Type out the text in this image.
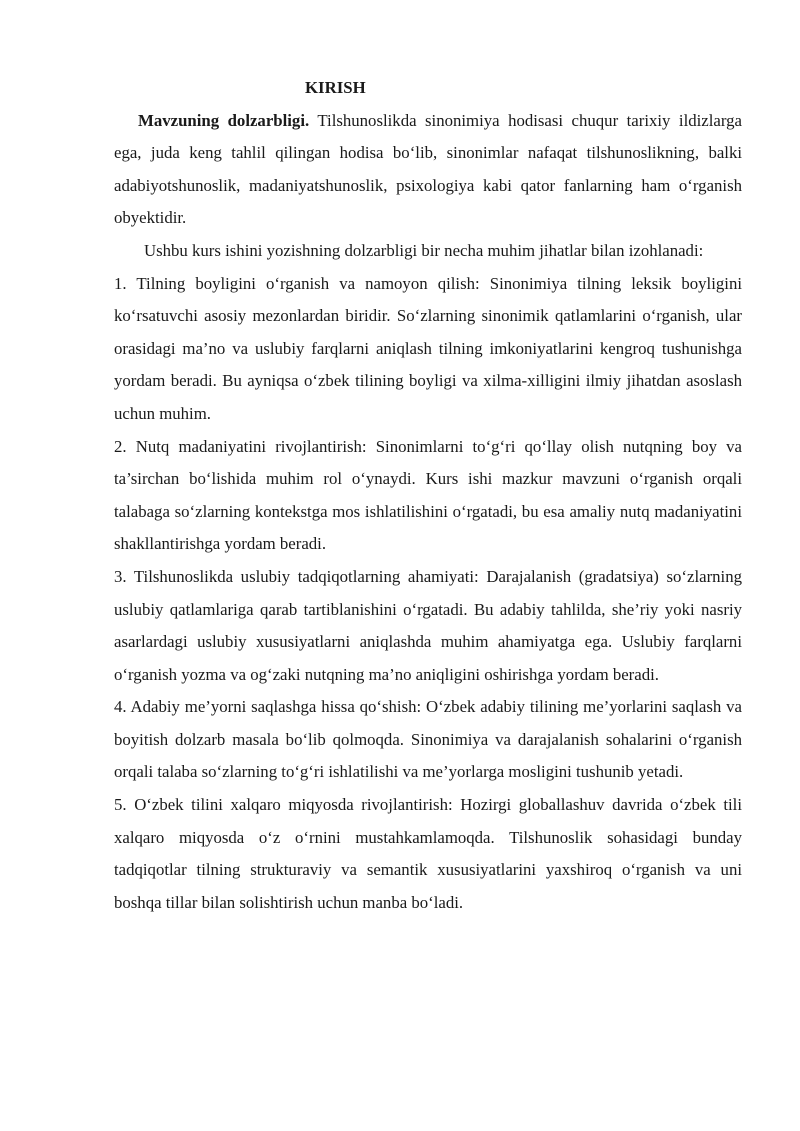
KIRISH

Mavzuning dolzarbligi. Tilshunoslikda sinonimiya hodisasi chuqur tarixiy ildizlarga ega, juda keng tahlil qilingan hodisa bo‘lib, sinonimlar nafaqat tilshunoslikning, balki adabiyotshunoslik, madaniyatshunoslik, psixologiya kabi qator fanlarning ham o‘rganish obyektidir.

Ushbu kurs ishini yozishning dolzarbligi bir necha muhim jihatlar bilan izohlanadi:

1. Tilning boyligini o‘rganish va namoyon qilish: Sinonimiya tilning leksik boyligini ko‘rsatuvchi asosiy mezonlardan biridir. So‘zlarning sinonimik qatlamlarini o‘rganish, ular orasidagi ma’no va uslubiy farqlarni aniqlash tilning imkoniyatlarini kengroq tushunishga yordam beradi. Bu ayniqsa o‘zbek tilining boyligi va xilma-xilligini ilmiy jihatdan asoslash uchun muhim.

2. Nutq madaniyatini rivojlantirish: Sinonimlarni to‘g‘ri qo‘llay olish nutqning boy va ta’sirchan bo‘lishida muhim rol o‘ynaydi. Kurs ishi mazkur mavzuni o‘rganish orqali talabaga so‘zlarning kontekstga mos ishlatilishini o‘rgatadi, bu esa amaliy nutq madaniyatini shakllantirishga yordam beradi.

3. Tilshunoslikda uslubiy tadqiqotlarning ahamiyati: Darajalanish (gradatsiya) so‘zlarning uslubiy qatlamlariga qarab tartiblanishini o‘rgatadi. Bu adabiy tahlilda, she’riy yoki nasriy asarlardagi uslubiy xususiyatlarni aniqlashda muhim ahamiyatga ega. Uslubiy farqlarni o‘rganish yozma va og‘zaki nutqning ma’no aniqligini oshirishga yordam beradi.

4. Adabiy me’yorni saqlashga hissa qo‘shish: O‘zbek adabiy tilining me’yorlarini saqlash va boyitish dolzarb masala bo‘lib qolmoqda. Sinonimiya va darajalanish sohalarini o‘rganish orqali talaba so‘zlarning to‘g‘ri ishlatilishi va me’yorlarga mosligini tushunib yetadi.

5. O‘zbek tilini xalqaro miqyosda rivojlantirish: Hozirgi globallashuv davrida o‘zbek tili xalqaro miqyosda o‘z o‘rnini mustahkamlamoqda. Tilshunoslik sohasidagi bunday tadqiqotlar tilning strukturaviy va semantik xususiyatlarini yaxshiroq o‘rganish va uni boshqa tillar bilan solishtirish uchun manba bo‘ladi.
